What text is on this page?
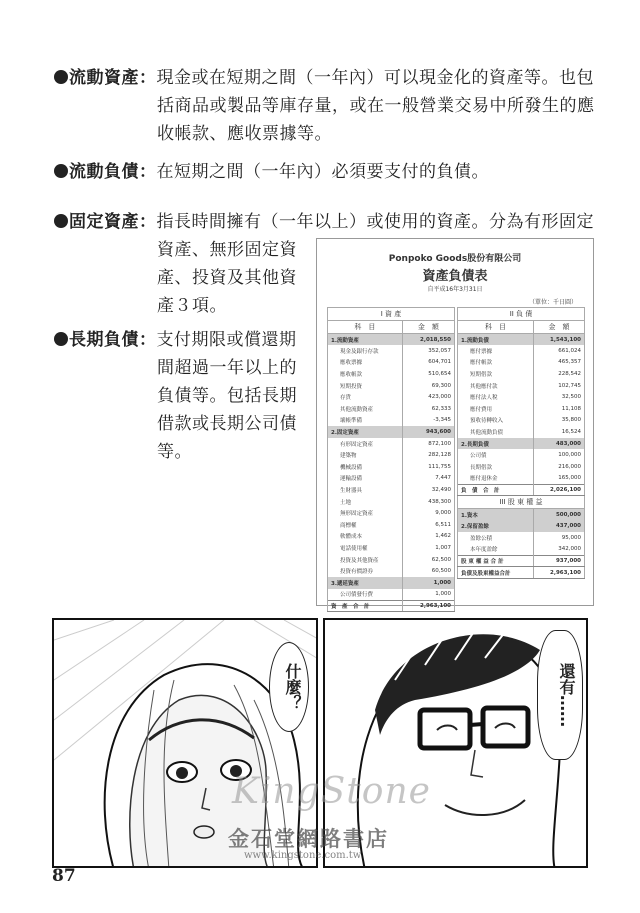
流動資產：現金或在短期之間（一年內）可以現金化的資產等。也包
括商品或製品等庫存量，或在一般營業交易中所發生的應
收帳款、應收票據等。
流動負債：在短期之間（一年內）必須要支付的負債。
固定資產：指長時間擁有（一年以上）或使用的資產。分為有形固定
資產、無形固定資
產、投資及其他資
產３項。
長期負債：支付期限或償還期
間超過一年以上的
負債等。包括長期
借款或長期公司債
等。
Ponpoko Goods股份有限公司
資產負債表
自平成16年3月31日
（單位：千日圓）
I 資 產	
科　目	金　額
1.流動資產	2,018,550
現金及銀行存款	352,057
應收票據	604,701
應收帳款	510,654
短期投資	69,300
存貨	423,000
其他流動資產	62,333
壞帳準備	-3,345
2.固定資產	943,600
有形固定資產	872,100
建築物	282,128
機械設備	111,755
運輸設備	7,447
生財器具	32,490
土地	438,300
無形固定資產	9,000
商標權	6,511
軟體成本	1,462
電話使用權	1,007
投資及其他資產	62,500
投資有價證券	60,500
3.遞延資產	1,000
公司債發行費	1,000
資　產　合　計	2,963,100
II 負 債	
科　目	金　額
1.流動負債	1,543,100
應付票據	661,024
應付帳款	465,357
短期借款	228,542
其他應付款	102,745
應付法人稅	32,500
應付費用	11,108
預收待轉收入	35,800
其他流動負債	16,524
2.長期負債	483,000
公司債	100,000
長期借款	216,000
應付退休金	165,000
負　債　合　計	2,026,100
III 股 東 權 益	
1.資本	500,000
2.保留盈餘	437,000
盈餘公積	95,000
本年度盈餘	342,000
股 東 權 益 合 計	937,000
負債及股東權益合計	2,963,100
什麼？	還有……
KingStone
金石堂網路書店
www.kingstone.com.tw
87
